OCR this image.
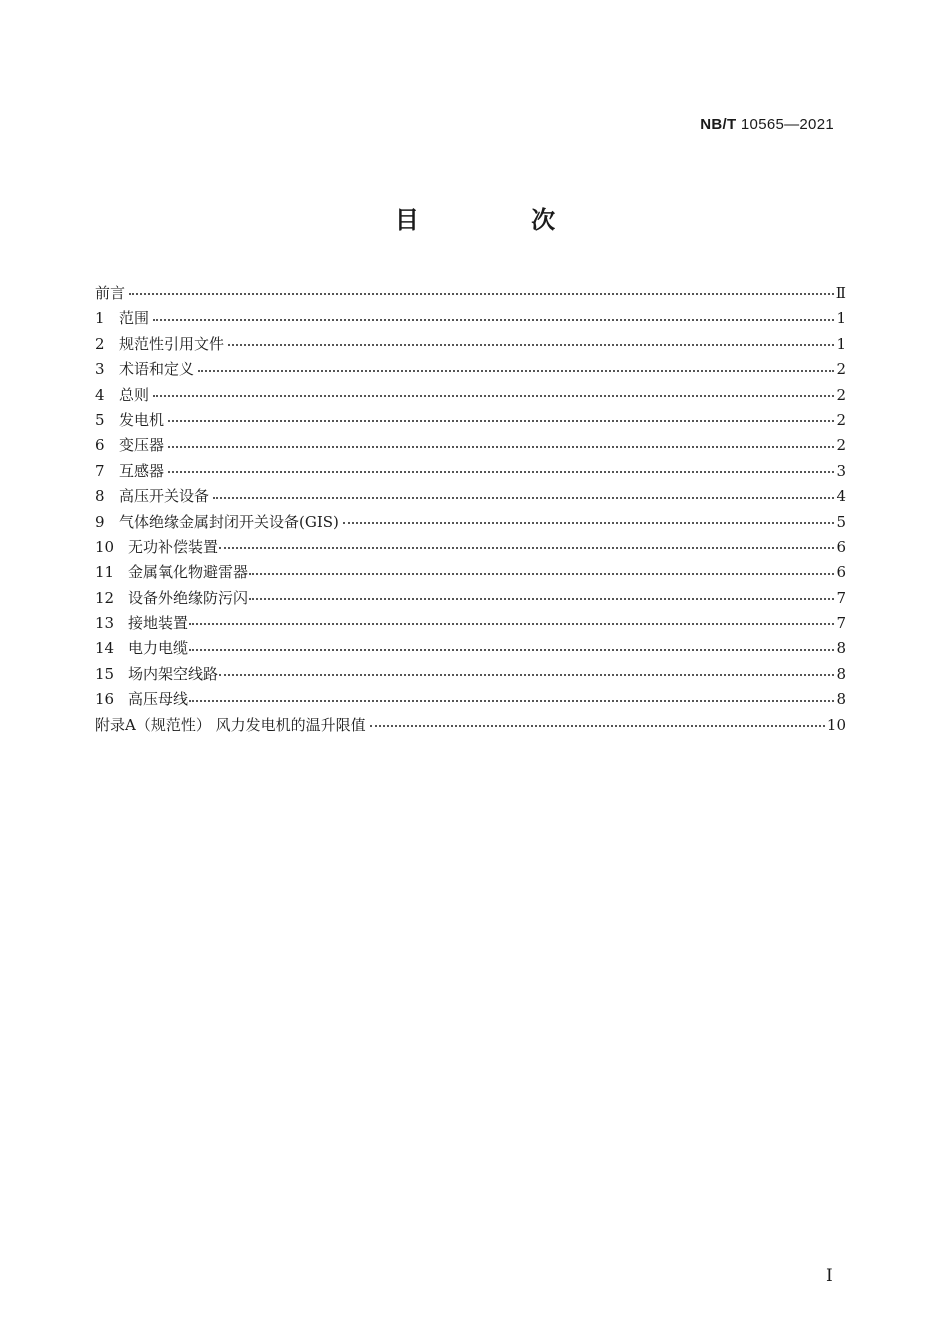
NB/T 10565—2021
目 次
前言	Ⅱ
1 范围	1
2 规范性引用文件	1
3 术语和定义	2
4 总则	2
5 发电机	2
6 变压器	2
7 互感器	3
8 高压开关设备	4
9 气体绝缘金属封闭开关设备(GIS)	5
10 无功补偿装置	6
11 金属氧化物避雷器	6
12 设备外绝缘防污闪	7
13 接地装置	7
14 电力电缆	8
15 场内架空线路	8
16 高压母线	8
附录A（规范性） 风力发电机的温升限值	10
I
